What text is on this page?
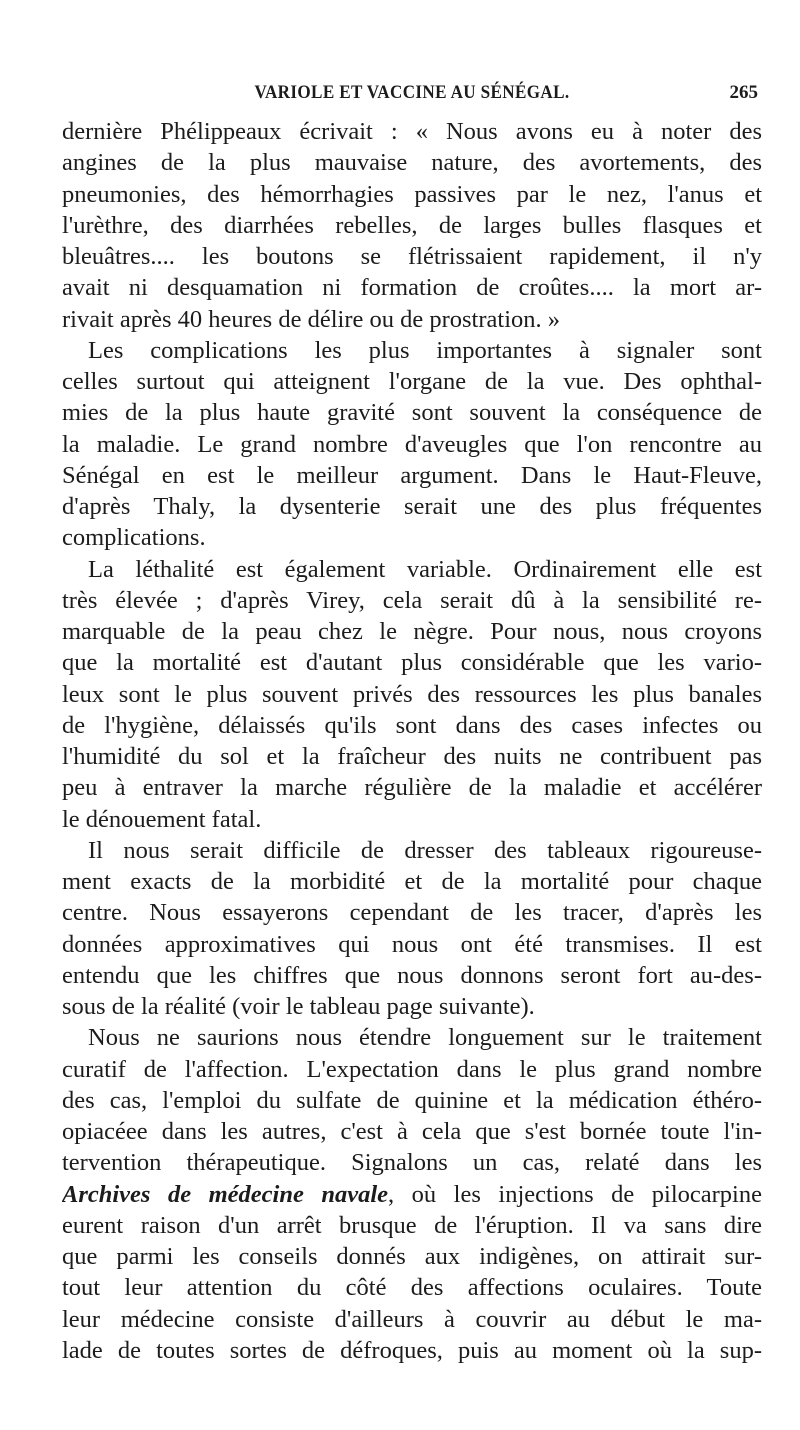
VARIOLE ET VACCINE AU SÉNÉGAL.	265
dernière Phélippeaux écrivait : « Nous avons eu à noter des
angines de la plus mauvaise nature, des avortements, des
pneumonies, des hémorrhagies passives par le nez, l'anus et
l'urèthre, des diarrhées rebelles, de larges bulles flasques et
bleuâtres.... les boutons se flétrissaient rapidement, il n'y
avait ni desquamation ni formation de croûtes.... la mort ar-
rivait après 40 heures de délire ou de prostration. »
Les complications les plus importantes à signaler sont
celles surtout qui atteignent l'organe de la vue. Des ophthal-
mies de la plus haute gravité sont souvent la conséquence de
la maladie. Le grand nombre d'aveugles que l'on rencontre au
Sénégal en est le meilleur argument. Dans le Haut-Fleuve,
d'après Thaly, la dysenterie serait une des plus fréquentes
complications.
La léthalité est également variable. Ordinairement elle est
très élevée ; d'après Virey, cela serait dû à la sensibilité re-
marquable de la peau chez le nègre. Pour nous, nous croyons
que la mortalité est d'autant plus considérable que les vario-
leux sont le plus souvent privés des ressources les plus banales
de l'hygiène, délaissés qu'ils sont dans des cases infectes ou
l'humidité du sol et la fraîcheur des nuits ne contribuent pas
peu à entraver la marche régulière de la maladie et accélérer
le dénouement fatal.
Il nous serait difficile de dresser des tableaux rigoureuse-
ment exacts de la morbidité et de la mortalité pour chaque
centre. Nous essayerons cependant de les tracer, d'après les
données approximatives qui nous ont été transmises. Il est
entendu que les chiffres que nous donnons seront fort au-des-
sous de la réalité (voir le tableau page suivante).
Nous ne saurions nous étendre longuement sur le traitement
curatif de l'affection. L'expectation dans le plus grand nombre
des cas, l'emploi du sulfate de quinine et la médication éthéro-
opiacéee dans les autres, c'est à cela que s'est bornée toute l'in-
tervention thérapeutique. Signalons un cas, relaté dans les
Archives de médecine navale, où les injections de pilocarpine
eurent raison d'un arrêt brusque de l'éruption. Il va sans dire
que parmi les conseils donnés aux indigènes, on attirait sur-
tout leur attention du côté des affections oculaires. Toute
leur médecine consiste d'ailleurs à couvrir au début le ma-
lade de toutes sortes de défroques, puis au moment où la sup-
